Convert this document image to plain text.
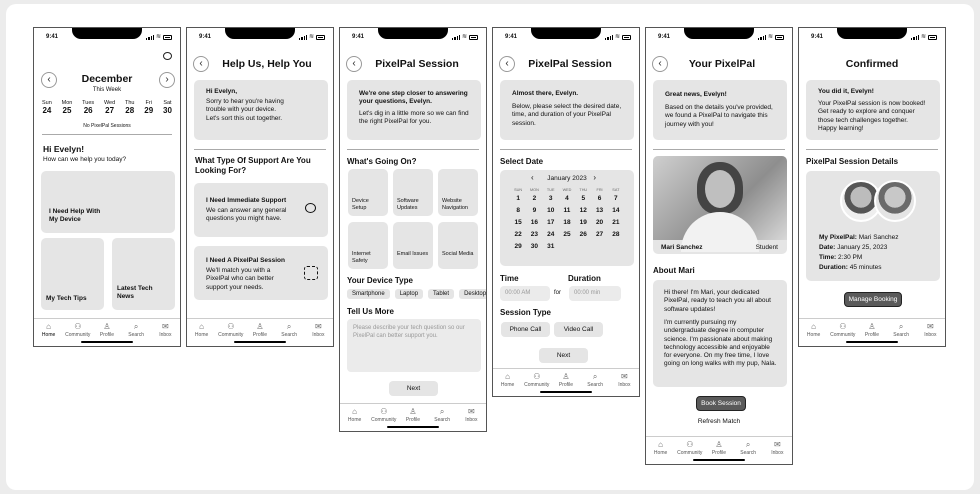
9:41	≋
‹	›
December
This Week
Sun
24
Mon
25
Tues
26
Wed
27
Thu
28
Fri
29
Sat
30
No PixelPal Sessions
Hi Evelyn!
How can we help you today?
I Need Help With My Device
My Tech Tips
Latest Tech News
⌂
Home
⚇
Community
♙
Profile
⌕
Search
✉
Inbox
9:41	≋
‹	Help Us, Help You
Hi Evelyn,
Sorry to hear you're having trouble with your device. Let's sort this out together.
What Type Of Support Are You Looking For?
I Need Immediate Support
We can answer any general questions you might have.
I Need A PixelPal Session
We'll match you with a PixelPal who can better support your needs.
⌂
Home
⚇
Community
♙
Profile
⌕
Search
✉
Inbox
9:41	≋
‹	PixelPal Session
We're one step closer to answering your questions, Evelyn.
Let's dig in a little more so we can find the right PixelPal for you.
What's Going On?
Device Setup
Software Updates
Website Navigation
Internet Safety
Email Issues	Social Media
Your Device Type
Smartphone	Laptop	Tablet	Desktop
Tell Us More
Please describe your tech question so our PixelPal can better support you.
Next
⌂
Home
⚇
Community
♙
Profile
⌕
Search
✉
Inbox
9:41	≋
‹	PixelPal Session
Almost there, Evelyn.
Below, please select the desired date, time, and duration of your PixelPal session.
Select Date
‹	January 2023 ›
SUN	MON	TUE	WED	THU	FRI	SAT
1	2	3	4	5	6	7
8	9	10	11	12	13	14
15	16	17	18	19	20	21
22	23	24	25	26	27	28
29	30	31
Time	Duration
00:00 AM	for	00:00 min
Session Type
Phone Call	Video Call
Next
⌂
Home
⚇
Community
♙
Profile
⌕
Search
✉
Inbox
9:41	≋
‹	Your PixelPal
Great news, Evelyn!
Based on the details you've provided, we found a PixelPal to navigate this journey with you!
Mari Sanchez	Student
About Mari
Hi there! I'm Mari, your dedicated PixelPal, ready to teach you all about software updates!
I'm currently pursuing my undergraduate degree in computer science. I'm passionate about making technology accessible and enjoyable for everyone. On my free time, I love going on long walks with my pup, Nala.
Book Session
Refresh Match
⌂
Home
⚇
Community
♙
Profile
⌕
Search
✉
Inbox
9:41	≋
Confirmed
You did it, Evelyn!
Your PixelPal session is now booked! Get ready to explore and conquer those tech challenges together. Happy learning!
PixelPal Session Details
My PixelPal: Mari Sanchez
Date: January 25, 2023
Time: 2:30 PM
Duration: 45 minutes
Manage Booking
⌂
Home
⚇
Community
♙
Profile
⌕
Search
✉
Inbox
